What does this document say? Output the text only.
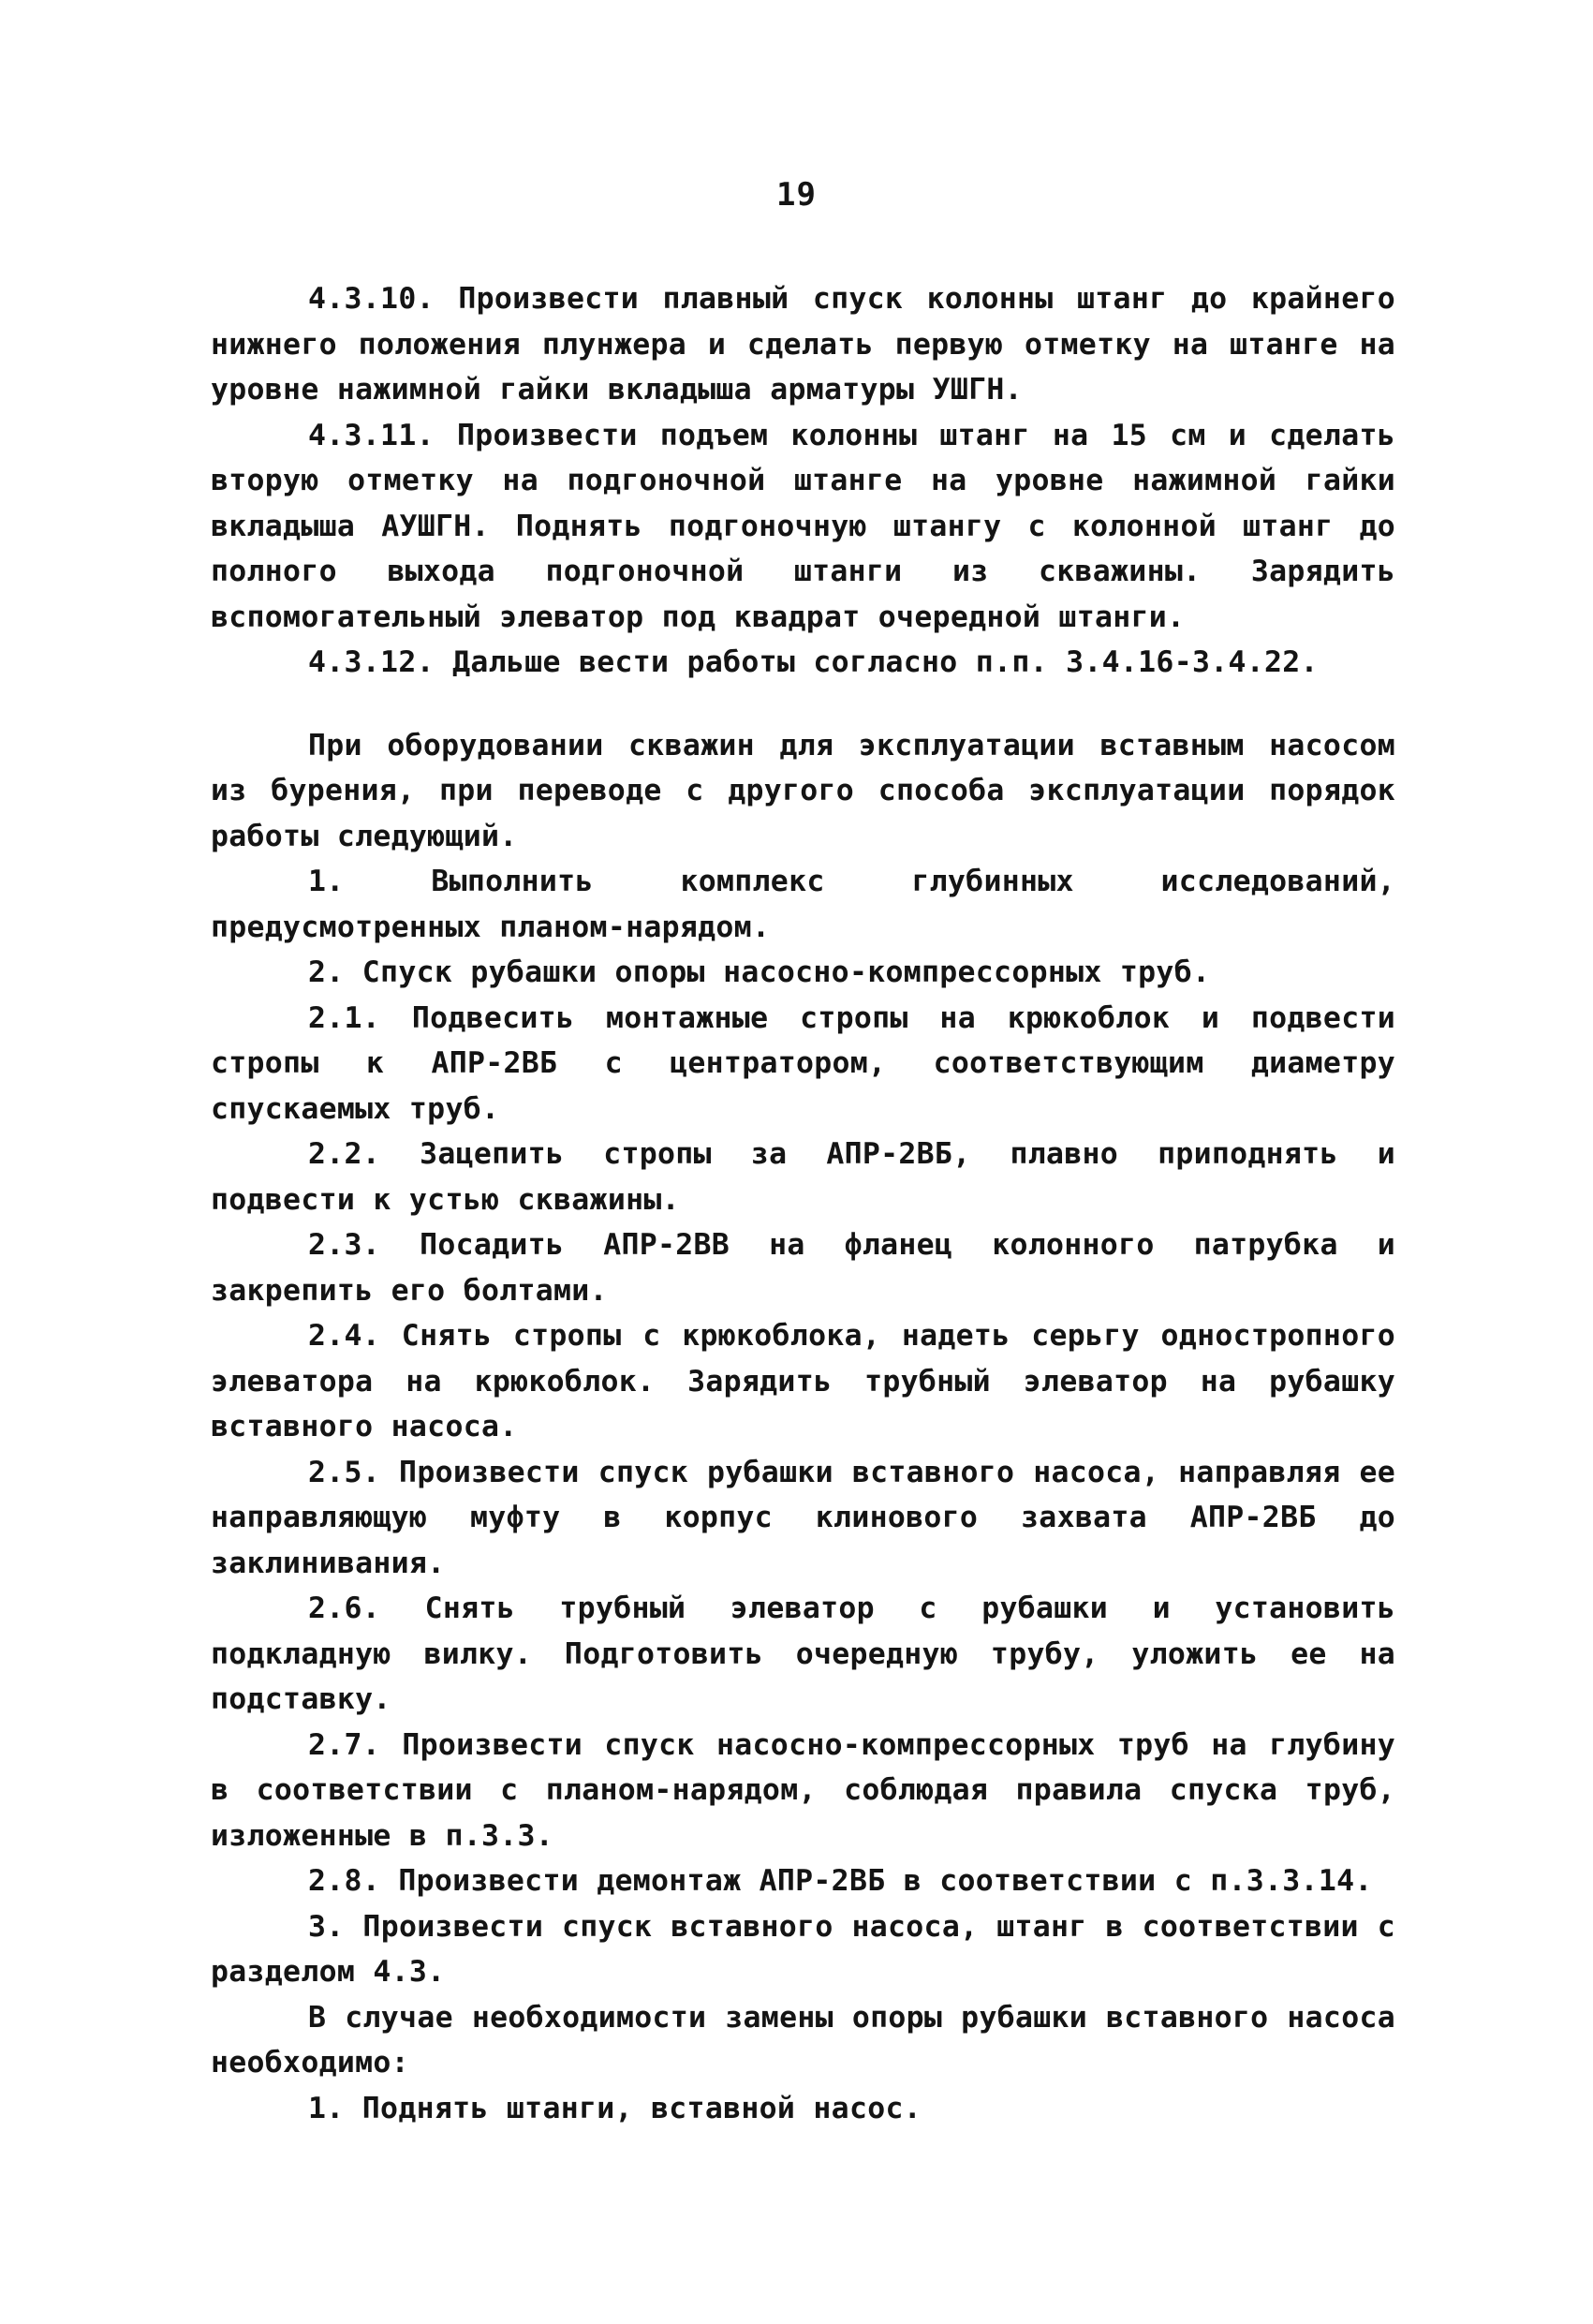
19

4.3.10. Произвести плавный спуск колонны штанг до крайнего нижнего положения плунжера и сделать первую отметку на штанге на уровне нажимной гайки вкладыша арматуры УШГН.

4.3.11. Произвести подъем колонны штанг на 15 см и сделать вторую отметку на подгоночной штанге на уровне нажимной гайки вкладыша АУШГН. Поднять подгоночную штангу с колонной штанг до полного выхода подгоночной штанги из скважины. Зарядить вспомогательный элеватор под квадрат очередной штанги.

4.3.12. Дальше вести работы согласно п.п. 3.4.16-3.4.22.

При оборудовании скважин для эксплуатации вставным насосом из бурения, при переводе с другого способа эксплуатации порядок работы следующий.

1. Выполнить комплекс глубинных исследований, предусмотренных планом-нарядом.

2. Спуск рубашки опоры насосно-компрессорных труб.

2.1. Подвесить монтажные стропы на крюкоблок и подвести стропы к АПР-2ВБ с центратором, соответствующим диаметру спускаемых труб.

2.2. Зацепить стропы за АПР-2ВБ, плавно приподнять и подвести к устью скважины.

2.3. Посадить АПР-2ВВ на фланец колонного патрубка и закрепить его болтами.

2.4. Снять стропы с крюкоблока, надеть серьгу однострoпного элеватора на крюкоблок. Зарядить трубный элеватор на рубашку вставного насоса.

2.5. Произвести спуск рубашки вставного насоса, направляя ее направляющую муфту в корпус клинового захвата АПР-2ВБ до заклинивания.

2.6. Снять трубный элеватор с рубашки и установить подкладную вилку. Подготовить очередную трубу, уложить ее на подставку.

2.7. Произвести спуск насосно-компрессорных труб на глубину в соответствии с планом-нарядом, соблюдая правила спуска труб, изложенные в п.3.3.

2.8. Произвести демонтаж АПР-2ВБ в соответствии с п.3.3.14.

3. Произвести спуск вставного насоса, штанг в соответствии с разделом 4.3.

В случае необходимости замены опоры рубашки вставного насоса необходимо:

1. Поднять штанги, вставной насос.
